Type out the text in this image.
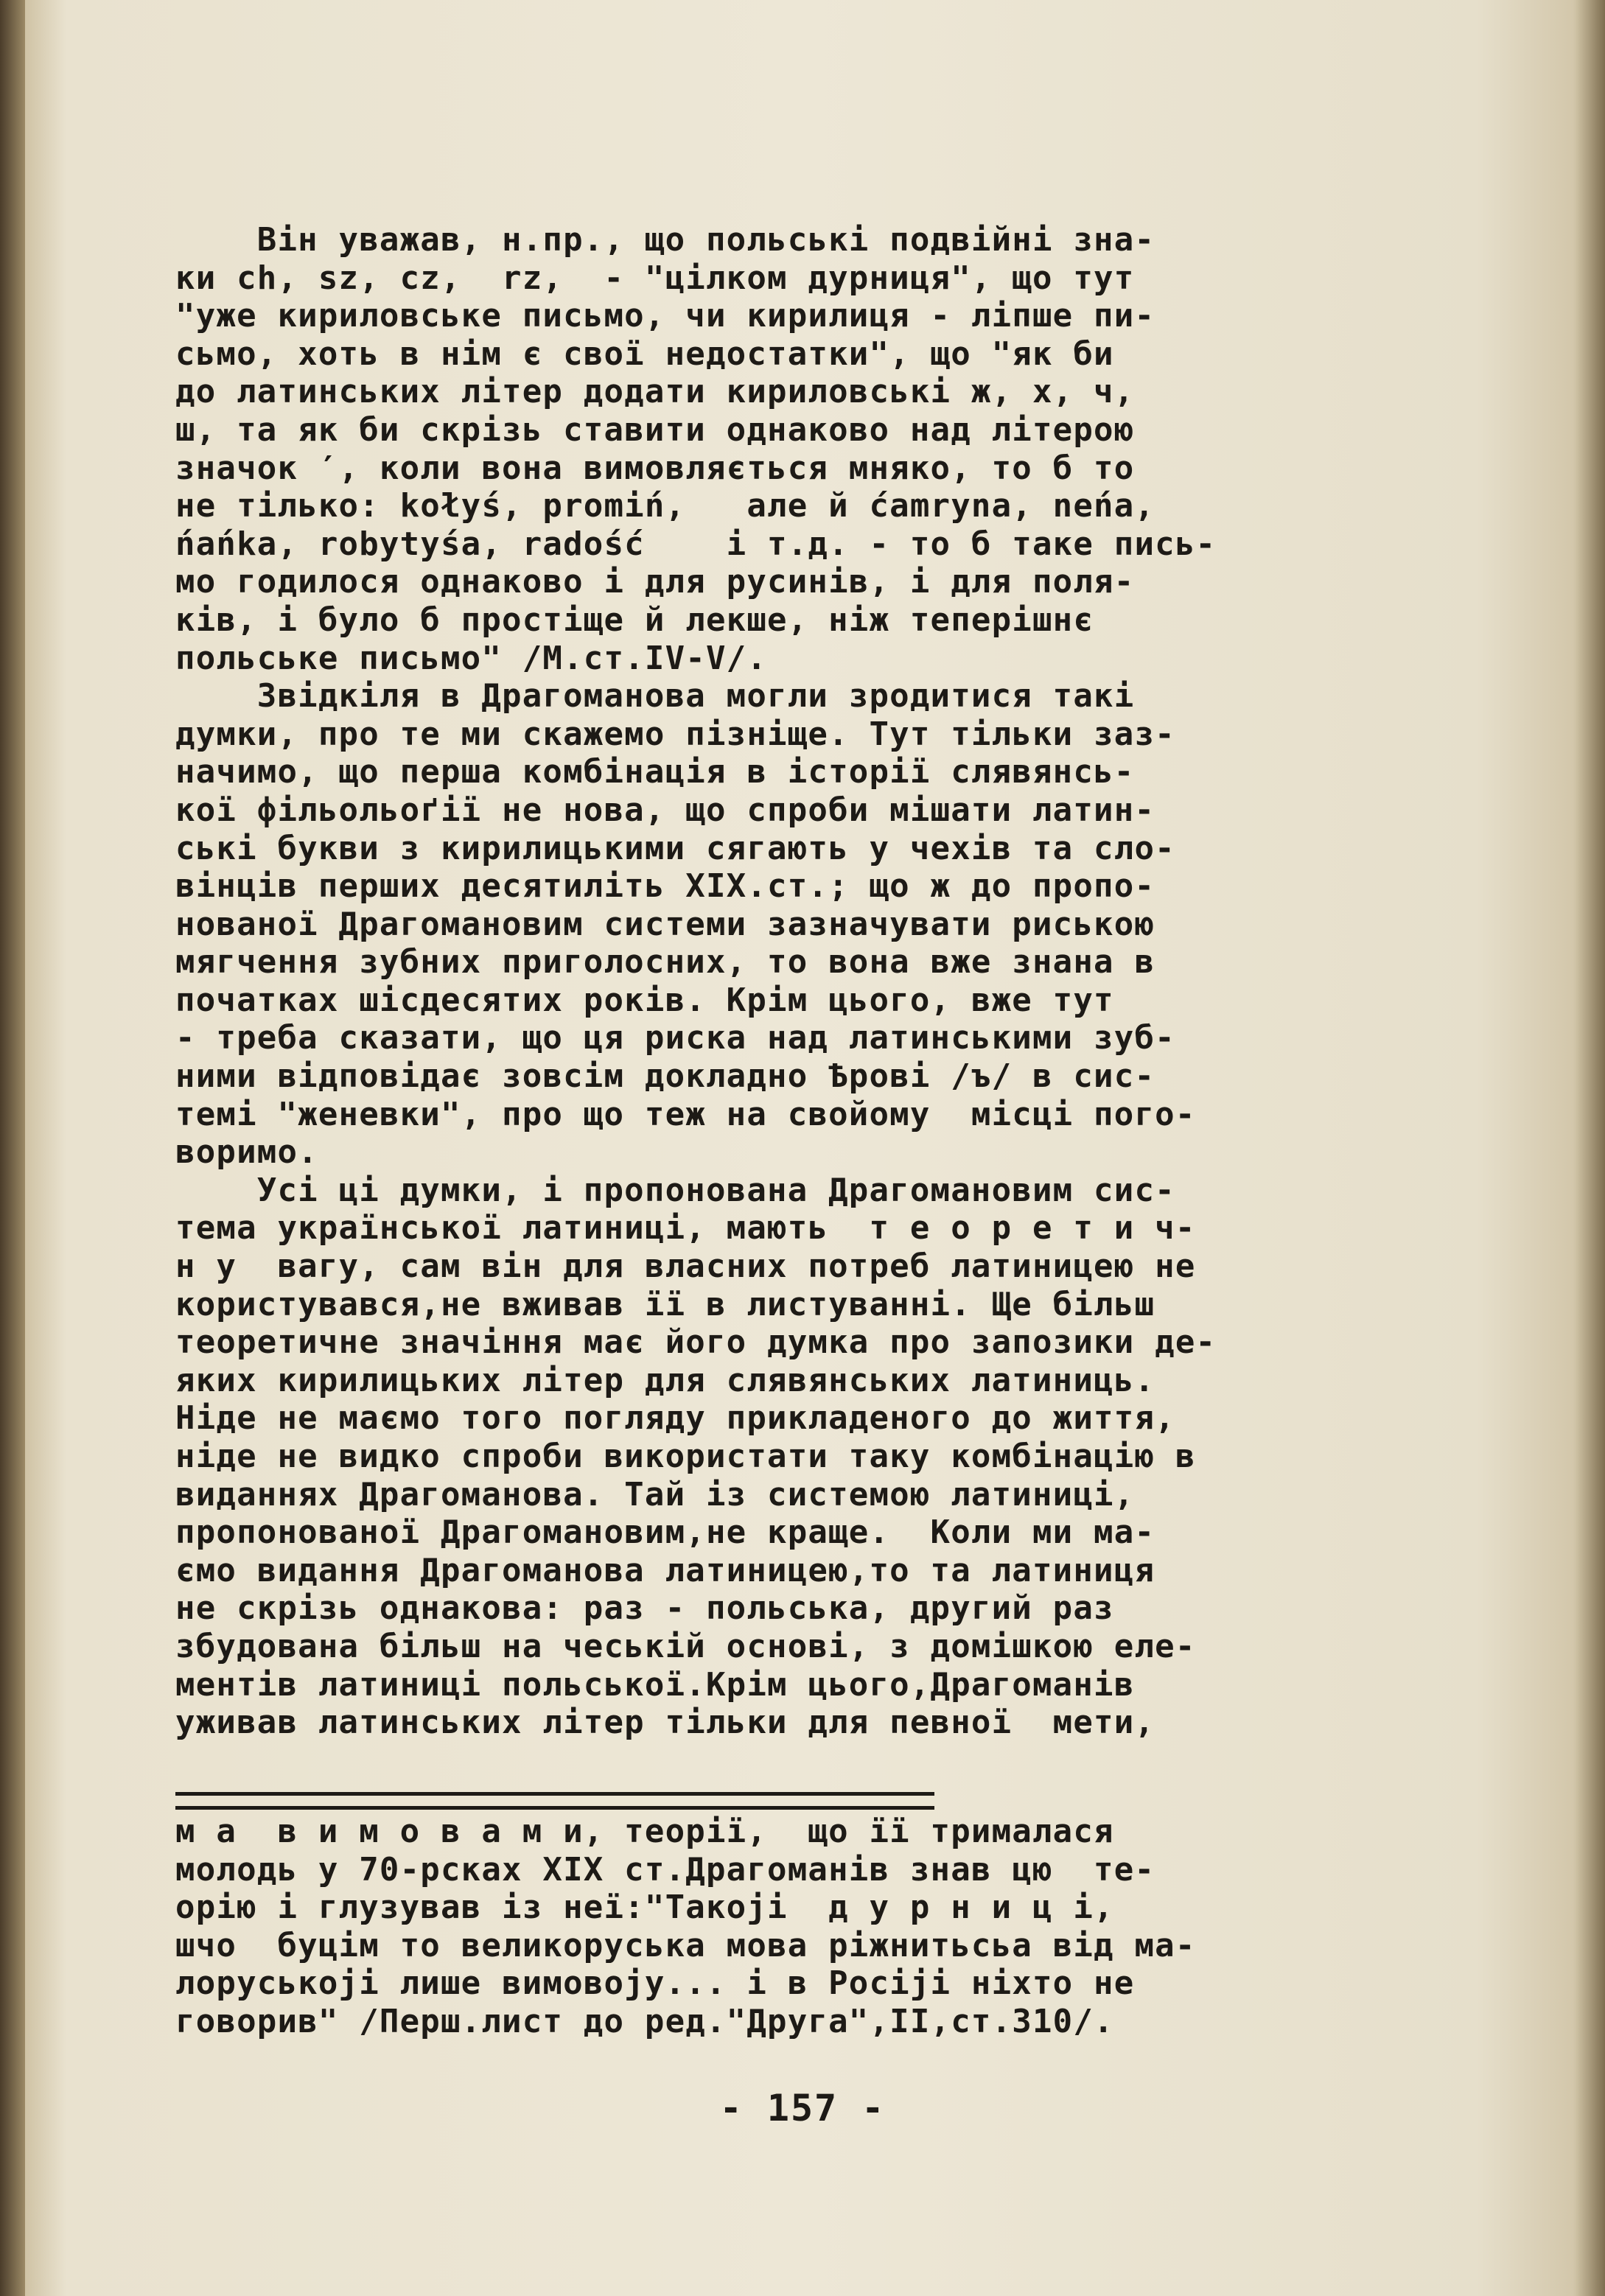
Він уважав, н.пр., що польські подвійні зна-
ки ch, sz, cz,  rz,  - "цілком дурниця", що тут
"уже кириловське письмо, чи кирилиця - ліпше пи-
сьмо, хоть в нім є свої недостатки", що "як би
до латинських літер додати кириловські ж, х, ч,
ш, та як би скрізь ставити однаково над літерою
значок ′, коли вона вимовляється мняко, то б то
не тілько: kołyś, promiń,   але й ćamryna, neńa,
ńańka, robytyśa, radość    і т.д. - то б таке пись-
мо годилося однаково і для русинів, і для поля-
ків, і було б простіще й лекше, ніж теперішнє
польське письмо" /М.ст.IV-V/.
Звідкіля в Драгоманова могли зродитися такі
думки, про те ми скажемо пізніще. Тут тільки заз-
начимо, що перша комбінація в історії слявянсь-
кої фільольоґії не нова, що спроби мішати латин-
ські букви з кирилицькими сягають у чехів та сло-
вінців перших десятиліть XIX.ст.; що ж до пропо-
нованої Драгомановим системи зазначувати риською
мягчення зубних приголосних, то вона вже знана в
початках шісдесятих років. Крім цього, вже тут
- треба сказати, що ця риска над латинськими зуб-
ними відповідає зовсім докладно Ѣрові /ъ/ в сис-
темі "женевки", про що теж на свойому  місці пого-
воримо.
Усі ці думки, і пропонована Драгомановим сис-
тема української латиниці, мають  т е о р е т и ч-
н у  вагу, сам він для власних потреб латиницею не
користувався,не вживав її в листуванні. Ще більш
теоретичне значіння має його думка про запозики де-
яких кирилицьких літер для слявянських латиниць.
Ніде не маємо того погляду прикладеного до життя,
ніде не видко спроби використати таку комбінацію в
виданнях Драгоманова. Тай із системою латиниці,
пропонованої Драгомановим,не краще.  Коли ми ма-
ємо видання Драгоманова латиницею,то та латиниця
не скрізь однакова: раз - польська, другий раз
збудована більш на чеській основі, з домішкою еле-
ментів латиниці польської.Крім цього,Драгоманів
уживав латинських літер тільки для певної  мети,
м а  в и м о в а м и, теорії,  що її трималася
молодь у 70-рсках XIX ст.Драгоманів знав цю  те-
орію і глузував із неї:"Такоjі  д у р н и ц і,
шчо  буцім то великоруська мова ріжнитьсьа від ма-
лоруськоjі лише вимовоjу... і в Росіjі ніхто не
говорив" /Перш.лист до ред."Друга",II,ст.310/.
- 157 -
